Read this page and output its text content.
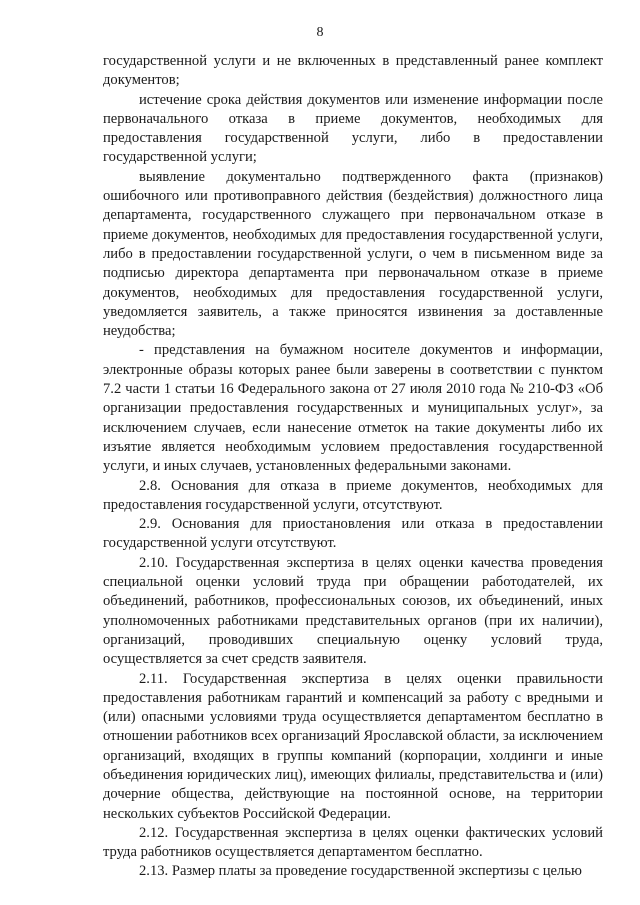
8

государственной услуги и не включенных в представленный ранее комплект документов;

истечение срока действия документов или изменение информации после первоначального отказа в приеме документов, необходимых для предоставления государственной услуги, либо в предоставлении государственной услуги;

выявление документально подтвержденного факта (признаков) ошибочного или противоправного действия (бездействия) должностного лица департамента, государственного служащего при первоначальном отказе в приеме документов, необходимых для предоставления государственной услуги, либо в предоставлении государственной услуги, о чем в письменном виде за подписью директора департамента при первоначальном отказе в приеме документов, необходимых для предоставления государственной услуги, уведомляется заявитель, а также приносятся извинения за доставленные неудобства;

- представления на бумажном носителе документов и информации, электронные образы которых ранее были заверены в соответствии с пунктом 7.2 части 1 статьи 16 Федерального закона от 27 июля 2010 года № 210-ФЗ «Об организации предоставления государственных и муниципальных услуг», за исключением случаев, если нанесение отметок на такие документы либо их изъятие является необходимым условием предоставления государственной услуги, и иных случаев, установленных федеральными законами.

2.8. Основания для отказа в приеме документов, необходимых для предоставления государственной услуги, отсутствуют.

2.9. Основания для приостановления или отказа в предоставлении государственной услуги отсутствуют.

2.10. Государственная экспертиза в целях оценки качества проведения специальной оценки условий труда при обращении работодателей, их объединений, работников, профессиональных союзов, их объединений, иных уполномоченных работниками представительных органов (при их наличии), организаций, проводивших специальную оценку условий труда, осуществляется за счет средств заявителя.

2.11. Государственная экспертиза в целях оценки правильности предоставления работникам гарантий и компенсаций за работу с вредными и (или) опасными условиями труда осуществляется департаментом бесплатно в отношении работников всех организаций Ярославской области, за исключением организаций, входящих в группы компаний (корпорации, холдинги и иные объединения юридических лиц), имеющих филиалы, представительства и (или) дочерние общества, действующие на постоянной основе, на территории нескольких субъектов Российской Федерации.

2.12. Государственная экспертиза в целях оценки фактических условий труда работников осуществляется департаментом бесплатно.

2.13. Размер платы за проведение государственной экспертизы с целью
